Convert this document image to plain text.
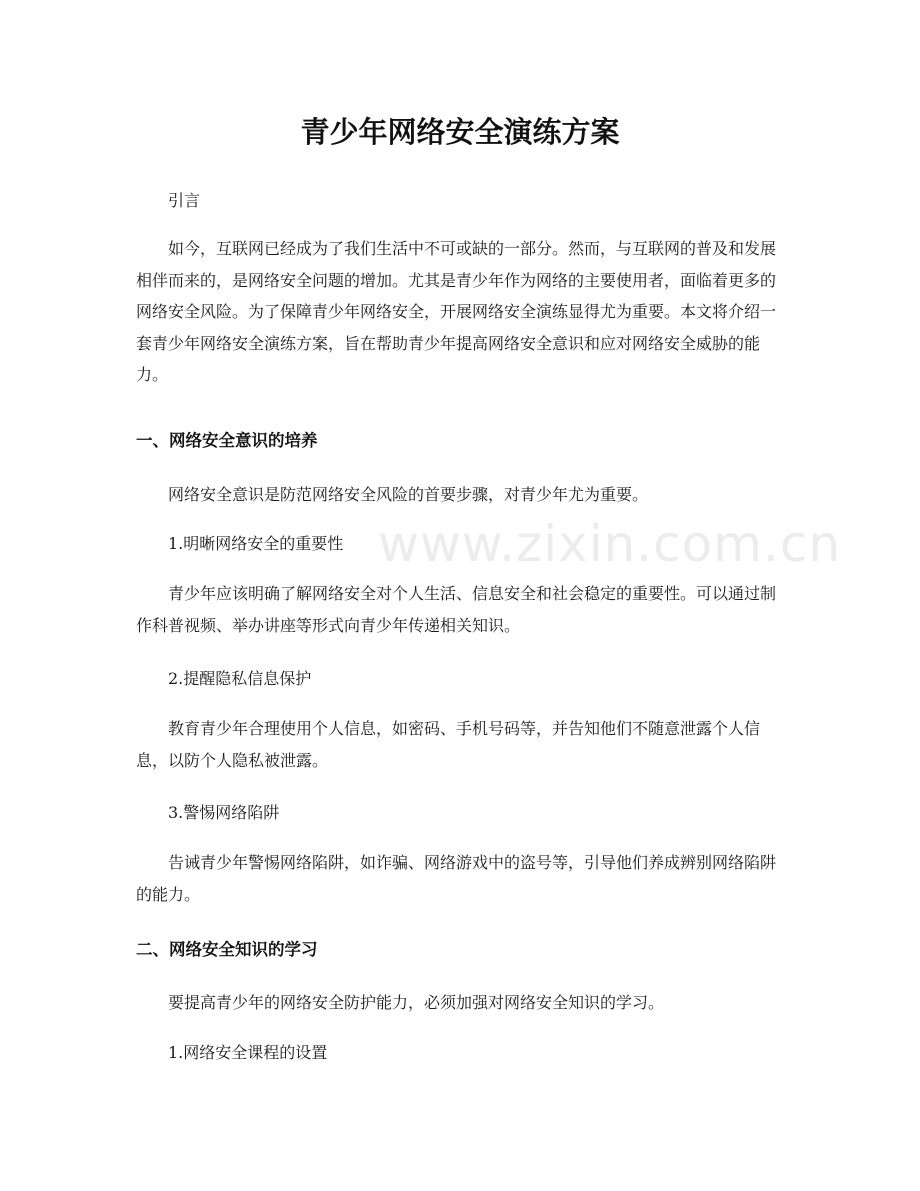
www.zixin.com.cn
青少年网络安全演练方案

引言

如今，互联网已经成为了我们生活中不可或缺的一部分。然而，与互联网的普及和发展相伴而来的，是网络安全问题的增加。尤其是青少年作为网络的主要使用者，面临着更多的网络安全风险。为了保障青少年网络安全，开展网络安全演练显得尤为重要。本文将介绍一套青少年网络安全演练方案，旨在帮助青少年提高网络安全意识和应对网络安全威胁的能力。

一、网络安全意识的培养

网络安全意识是防范网络安全风险的首要步骤，对青少年尤为重要。

1.明晰网络安全的重要性

青少年应该明确了解网络安全对个人生活、信息安全和社会稳定的重要性。可以通过制作科普视频、举办讲座等形式向青少年传递相关知识。

2.提醒隐私信息保护

教育青少年合理使用个人信息，如密码、手机号码等，并告知他们不随意泄露个人信息，以防个人隐私被泄露。

3.警惕网络陷阱

告诫青少年警惕网络陷阱，如诈骗、网络游戏中的盗号等，引导他们养成辨别网络陷阱的能力。

二、网络安全知识的学习

要提高青少年的网络安全防护能力，必须加强对网络安全知识的学习。

1.网络安全课程的设置
